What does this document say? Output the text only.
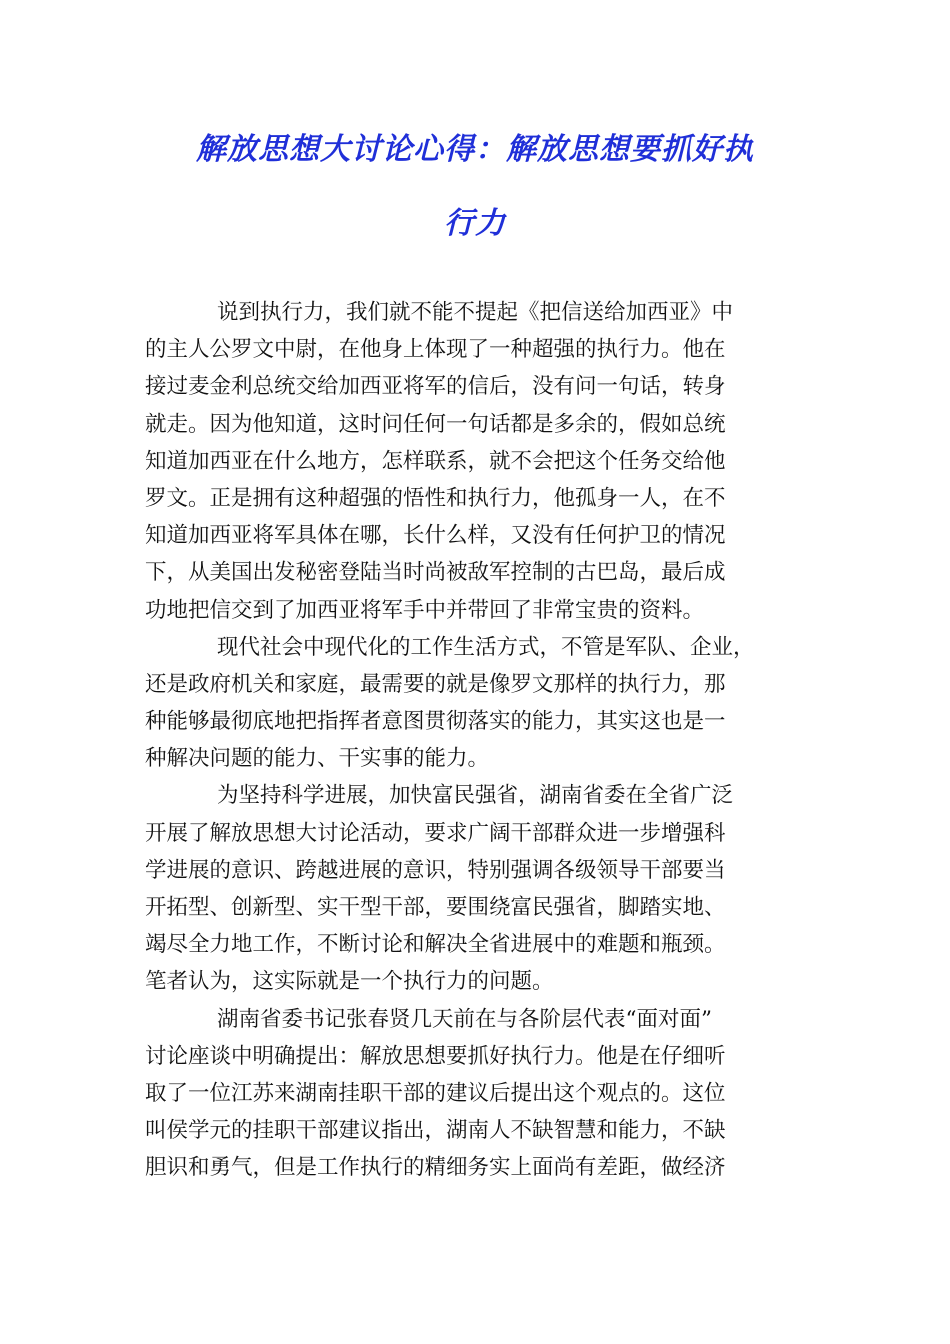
解放思想大讨论心得：解放思想要抓好执
行力

说到执行力，我们就不能不提起《把信送给加西亚》中
的主人公罗文中尉，在他身上体现了一种超强的执行力。他在
接过麦金利总统交给加西亚将军的信后，没有问一句话，转身
就走。因为他知道，这时问任何一句话都是多余的，假如总统
知道加西亚在什么地方，怎样联系，就不会把这个任务交给他
罗文。正是拥有这种超强的悟性和执行力，他孤身一人，在不
知道加西亚将军具体在哪，长什么样，又没有任何护卫的情况
下，从美国出发秘密登陆当时尚被敌军控制的古巴岛，最后成
功地把信交到了加西亚将军手中并带回了非常宝贵的资料。

现代社会中现代化的工作生活方式，不管是军队、企业，
还是政府机关和家庭，最需要的就是像罗文那样的执行力，那
种能够最彻底地把指挥者意图贯彻落实的能力，其实这也是一
种解决问题的能力、干实事的能力。

为坚持科学进展，加快富民强省，湖南省委在全省广泛
开展了解放思想大讨论活动，要求广阔干部群众进一步增强科
学进展的意识、跨越进展的意识，特别强调各级领导干部要当
开拓型、创新型、实干型干部，要围绕富民强省，脚踏实地、
竭尽全力地工作，不断讨论和解决全省进展中的难题和瓶颈。
笔者认为，这实际就是一个执行力的问题。

湖南省委书记张春贤几天前在与各阶层代表“面对面”
讨论座谈中明确提出：解放思想要抓好执行力。他是在仔细听
取了一位江苏来湖南挂职干部的建议后提出这个观点的。这位
叫侯学元的挂职干部建议指出，湖南人不缺智慧和能力，不缺
胆识和勇气，但是工作执行的精细务实上面尚有差距，做经济
